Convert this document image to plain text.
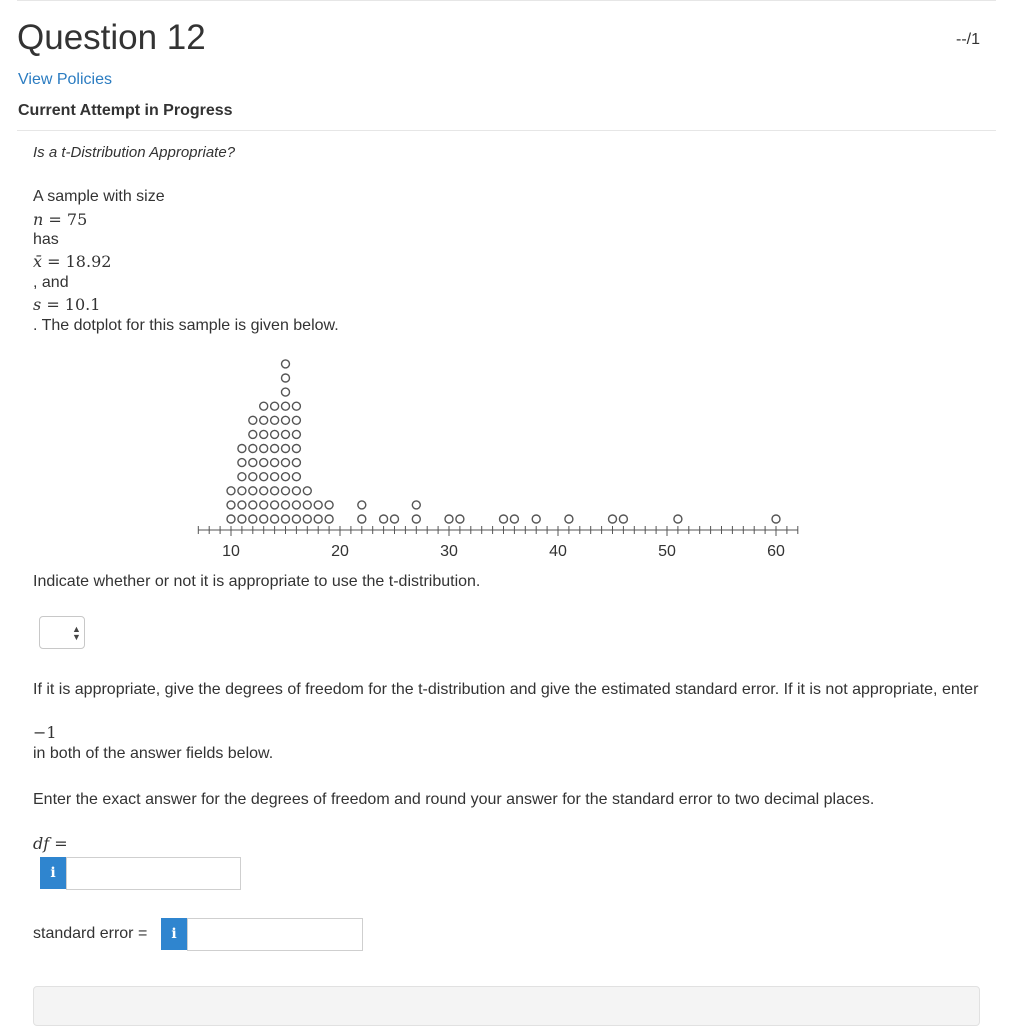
Question 12	--/1
View Policies
Current Attempt in Progress
Is a t-Distribution Appropriate?
A sample with size
n = 75
has
x̄ = 18.92
, and
s = 10.1
. The dotplot for this sample is given below.
10	20	30	40	50	60
Indicate whether or not it is appropriate to use the t-distribution.
▲
▼
If it is appropriate, give the degrees of freedom for the t-distribution and give the estimated standard error. If it is not appropriate, enter
−1
in both of the answer fields below.
Enter the exact answer for the degrees of freedom and round your answer for the standard error to two decimal places.
df =
i
standard error = i
